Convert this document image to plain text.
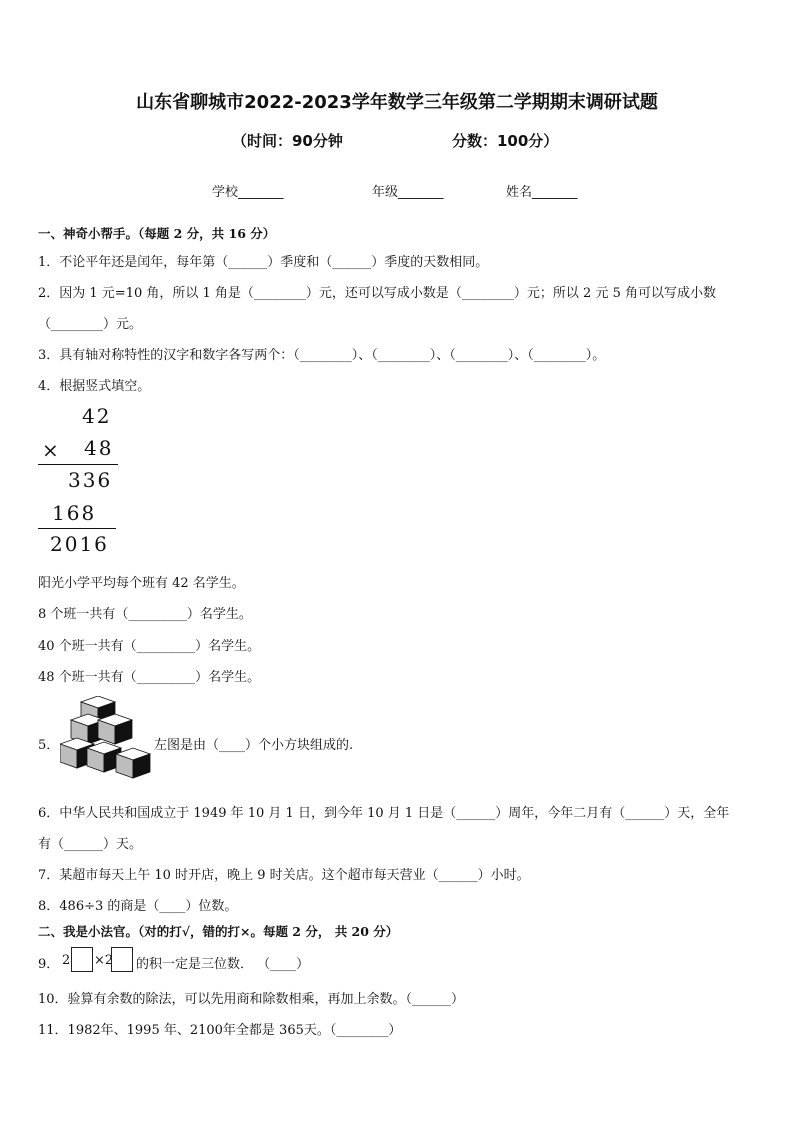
山东省聊城市2022-2023学年数学三年级第二学期期末调研试题
（时间：90分钟	分数：100分）
学校_______	年级_______	姓名_______
一、神奇小帮手。（每题 2 分，共 16 分）
1．不论平年还是闰年，每年第（______）季度和（______）季度的天数相同。
2．因为 1 元=10 角，所以 1 角是（________）元，还可以写成小数是（________）元；所以 2 元 5 角可以写成小数
（________）元。
3．具有轴对称特性的汉字和数字各写两个：（________）、（________）、（________）、（________）。
4．根据竖式填空。
42
× 48
336
168
2016
阳光小学平均每个班有 42 名学生。
8 个班一共有（_________）名学生。
40 个班一共有（_________）名学生。
48 个班一共有（_________）名学生。
5．	左图是由（____）个小方块组成的.
6．中华人民共和国成立于 1949 年 10 月 1 日，到今年 10 月 1 日是（______）周年，今年二月有（______）天，全年
有（______）天。
7．某超市每天上午 10 时开店，晚上 9 时关店。这个超市每天营业（______）小时。
8．486÷3 的商是（____）位数。
二、我是小法官。（对的打√，错的打×。每题 2 分， 共 20 分）
9． 2 ×2 的积一定是三位数． （____）
10．验算有余数的除法，可以先用商和除数相乘，再加上余数。（______）
11．1982年、1995 年、2100年全都是 365天。（________）
